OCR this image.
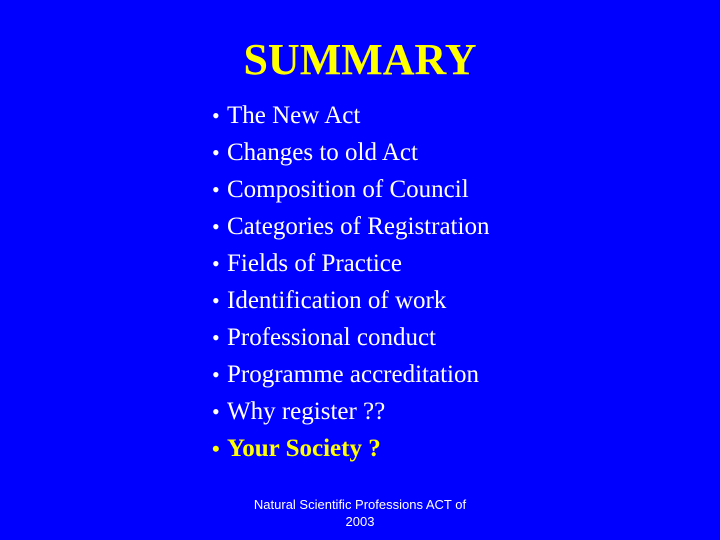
SUMMARY
• The New Act
• Changes to old Act
• Composition of Council
• Categories of Registration
• Fields of Practice
• Identification of work
• Professional conduct
• Programme accreditation
• Why register ??
• Your Society ?
Natural Scientific Professions ACT of
2003
